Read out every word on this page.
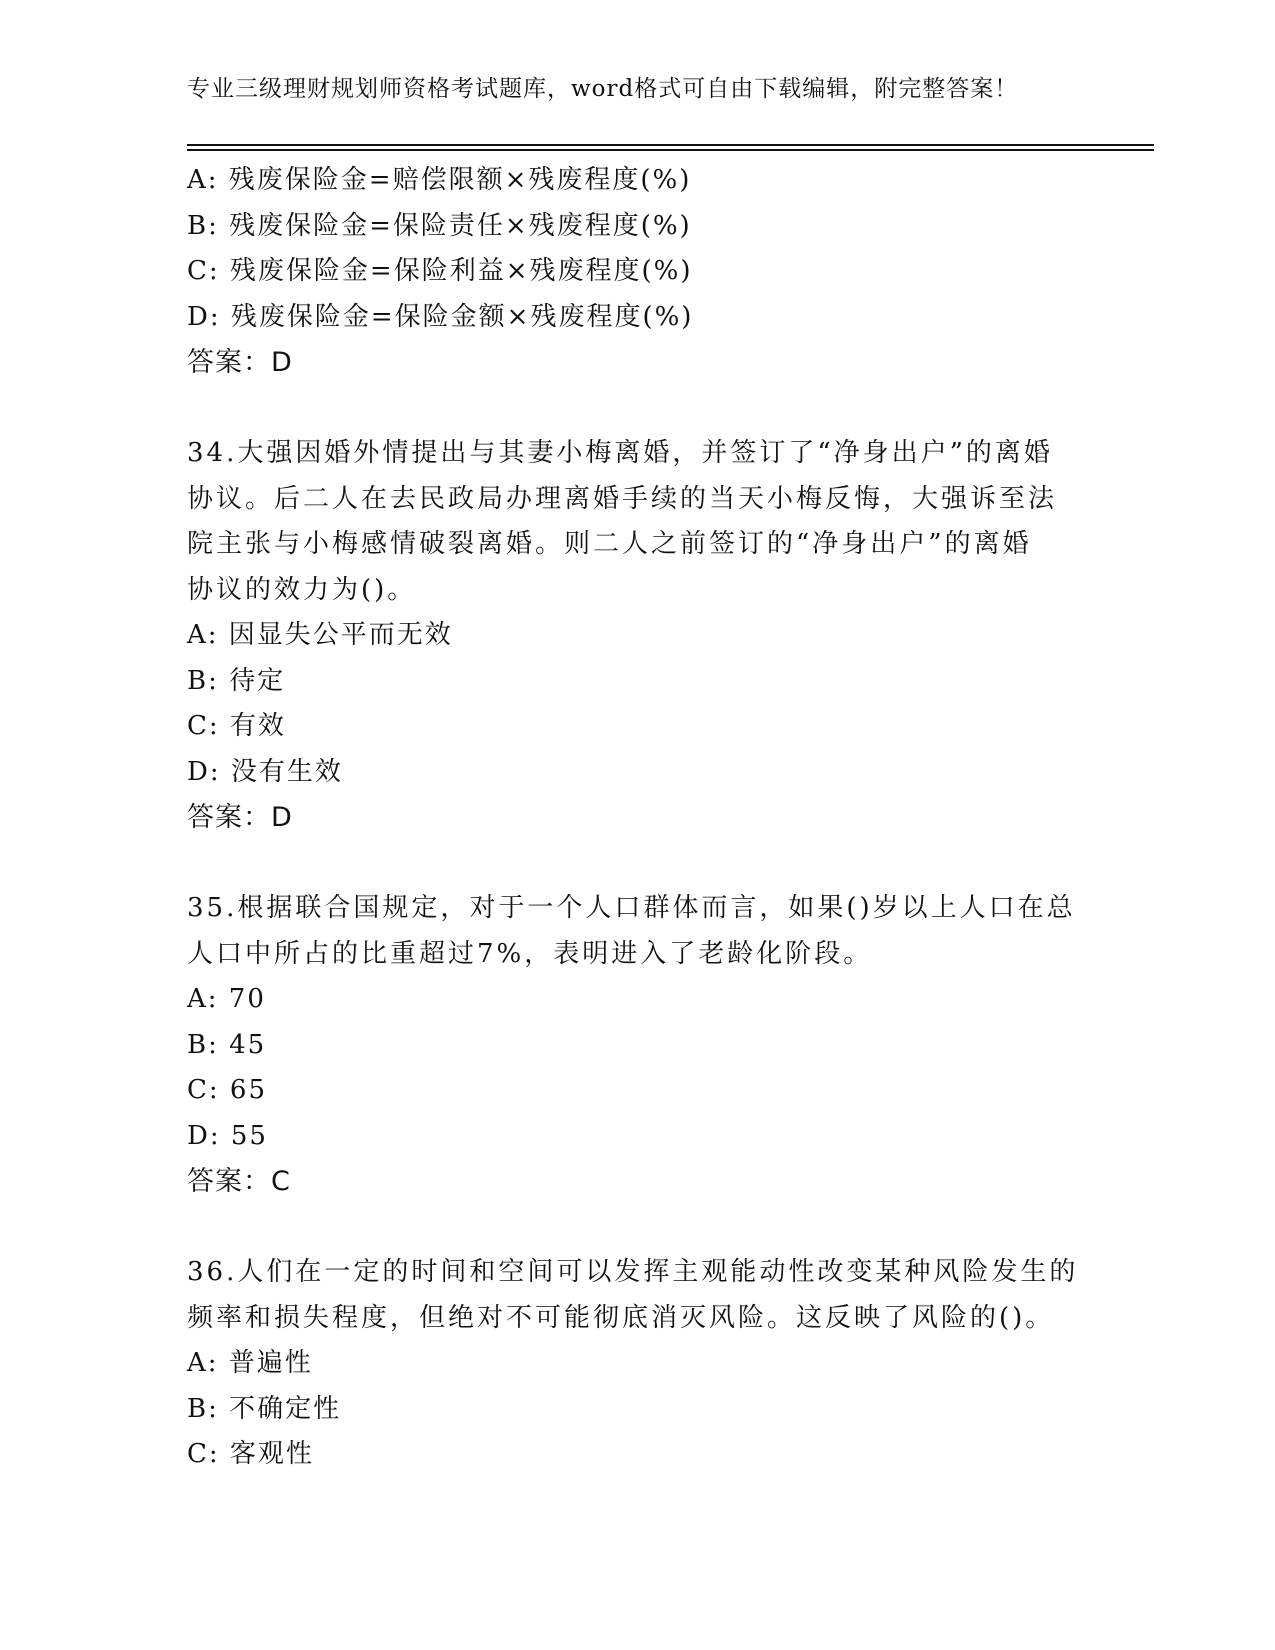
专业三级理财规划师资格考试题库，word格式可自由下载编辑，附完整答案！
A: 残废保险金=赔偿限额×残废程度(%)
B: 残废保险金=保险责任×残废程度(%)
C: 残废保险金=保险利益×残废程度(%)
D: 残废保险金=保险金额×残废程度(%)
答案：D
34.大强因婚外情提出与其妻小梅离婚，并签订了“净身出户”的离婚
协议。后二人在去民政局办理离婚手续的当天小梅反悔，大强诉至法
院主张与小梅感情破裂离婚。则二人之前签订的“净身出户”的离婚
协议的效力为()。
A: 因显失公平而无效
B: 待定
C: 有效
D: 没有生效
答案：D
35.根据联合国规定，对于一个人口群体而言，如果()岁以上人口在总
人口中所占的比重超过7%，表明进入了老龄化阶段。
A: 70
B: 45
C: 65
D: 55
答案：C
36.人们在一定的时间和空间可以发挥主观能动性改变某种风险发生的
频率和损失程度，但绝对不可能彻底消灭风险。这反映了风险的()。
A: 普遍性
B: 不确定性
C: 客观性
